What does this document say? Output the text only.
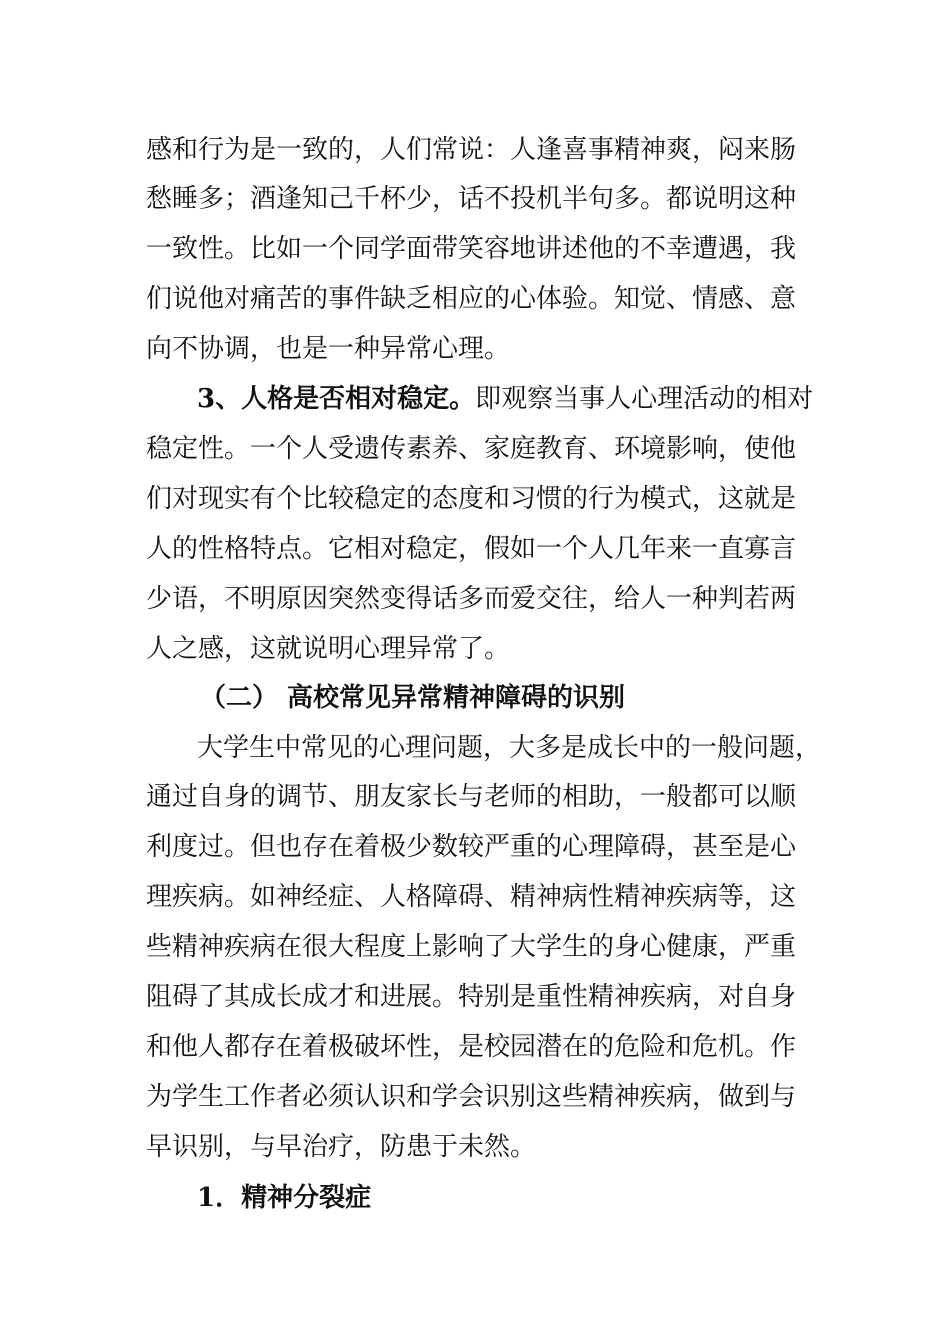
感和行为是一致的，人们常说：人逢喜事精神爽，闷来肠
愁睡多；酒逢知己千杯少，话不投机半句多。都说明这种
一致性。比如一个同学面带笑容地讲述他的不幸遭遇，我
们说他对痛苦的事件缺乏相应的心体验。知觉、情感、意
向不协调，也是一种异常心理。
3、人格是否相对稳定。即观察当事人心理活动的相对
稳定性。一个人受遗传素养、家庭教育、环境影响，使他
们对现实有个比较稳定的态度和习惯的行为模式，这就是
人的性格特点。它相对稳定，假如一个人几年来一直寡言
少语，不明原因突然变得话多而爱交往，给人一种判若两
人之感，这就说明心理异常了。
（二） 高校常见异常精神障碍的识别
大学生中常见的心理问题，大多是成长中的一般问题，
通过自身的调节、朋友家长与老师的相助，一般都可以顺
利度过。但也存在着极少数较严重的心理障碍，甚至是心
理疾病。如神经症、人格障碍、精神病性精神疾病等，这
些精神疾病在很大程度上影响了大学生的身心健康，严重
阻碍了其成长成才和进展。特别是重性精神疾病，对自身
和他人都存在着极破坏性，是校园潜在的危险和危机。作
为学生工作者必须认识和学会识别这些精神疾病，做到与
早识别，与早治疗，防患于未然。
1．精神分裂症
